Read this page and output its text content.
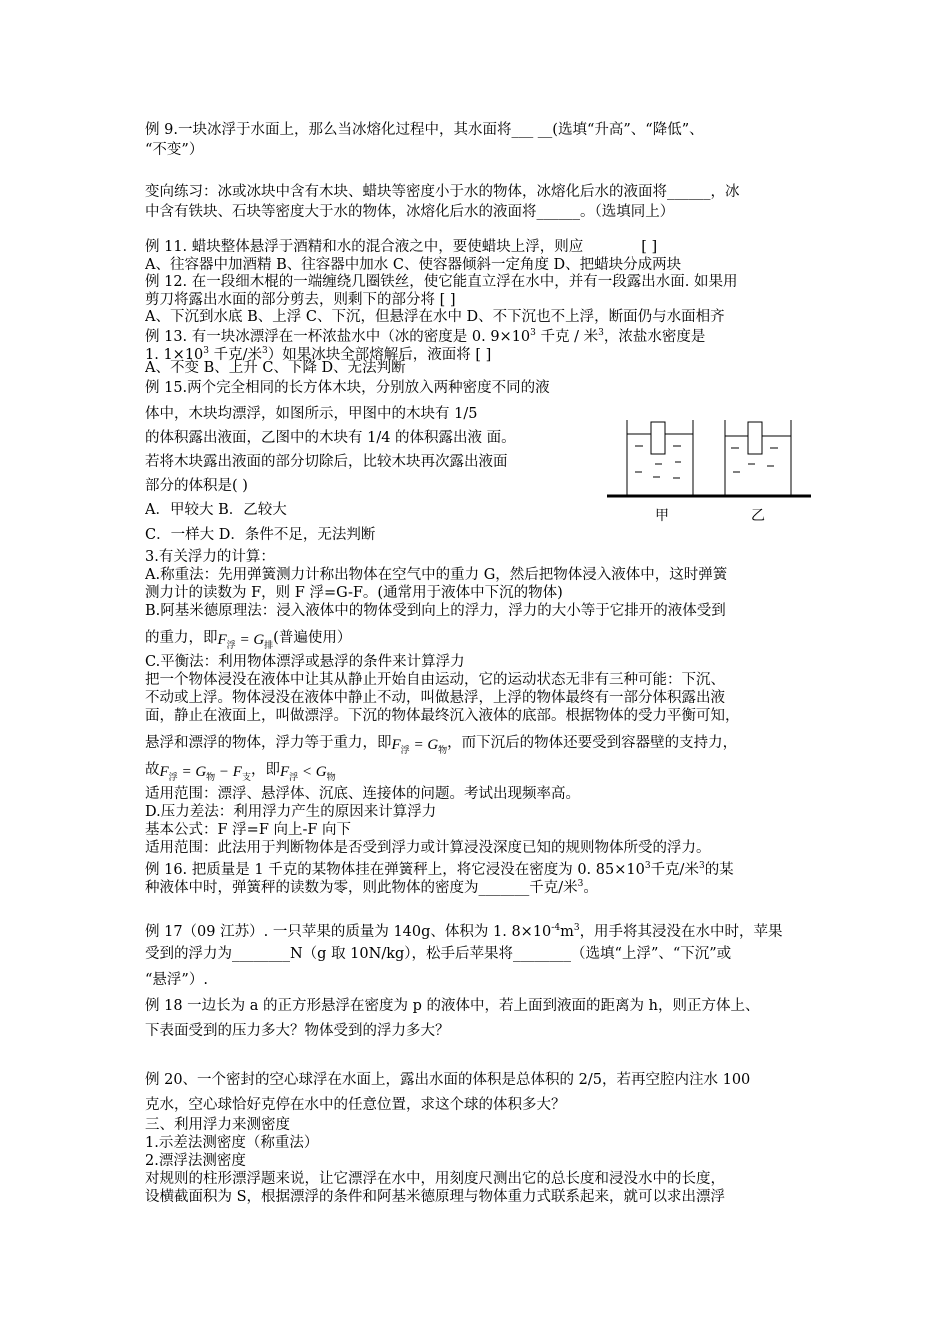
例 9.一块冰浮于水面上，那么当冰熔化过程中，其水面将___ __(选填“升高”、“降低”、

“不变”）

变向练习：冰或冰块中含有木块、蜡块等密度小于水的物体，冰熔化后水的液面将______，冰

中含有铁块、石块等密度大于水的物体，冰熔化后水的液面将______。（选填同上）

例 11. 蜡块整体悬浮于酒精和水的混合液之中，要使蜡块上浮，则应	[ ]

A、往容器中加酒精 B、往容器中加水 C、使容器倾斜一定角度 D、把蜡块分成两块

例 12. 在一段细木棍的一端缠绕几圈铁丝，使它能直立浮在水中，并有一段露出水面. 如果用

剪刀将露出水面的部分剪去，则剩下的部分将 [ ]

A、下沉到水底 B、上浮 C、下沉，但悬浮在水中 D、不下沉也不上浮，断面仍与水面相齐

例 13. 有一块冰漂浮在一杯浓盐水中（冰的密度是 0. $9\times 10^3$ 千克 / 米$^3$，浓盐水密度是

1. $1\times 10^3$ 千克/米$^3$）如果冰块全部熔解后，液面将 [ ]

A、不变 B、上升 C、下降 D、无法判断

例 15.两个完全相同的长方体木块，分别放入两种密度不同的液

体中，木块均漂浮，如图所示，甲图中的木块有 1/5

的体积露出液面，乙图中的木块有 1/4 的体积露出液 面。

若将木块露出液面的部分切除后，比较木块再次露出液面

部分的体积是( )

A．甲较大 B．乙较大

C．一样大 D．条件不足，无法判断

甲	乙

3.有关浮力的计算：

A.称重法：先用弹簧测力计称出物体在空气中的重力 G，然后把物体浸入液体中，这时弹簧

测力计的读数为 F，则 F 浮=G-F。(通常用于液体中下沉的物体)

B.阿基米德原理法：浸入液体中的物体受到向上的浮力，浮力的大小等于它排开的液体受到

的重力，即$F_浮 = G_排$(普遍使用）

C.平衡法：利用物体漂浮或悬浮的条件来计算浮力

把一个物体浸没在液体中让其从静止开始自由运动，它的运动状态无非有三种可能：下沉、

不动或上浮。物体浸没在液体中静止不动，叫做悬浮，上浮的物体最终有一部分体积露出液

面，静止在液面上，叫做漂浮。下沉的物体最终沉入液体的底部。根据物体的受力平衡可知，

悬浮和漂浮的物体，浮力等于重力，即$F_浮 = G_物$，而下沉后的物体还要受到容器壁的支持力，

故$F_浮 = G_物 - F_支$，即$F_浮 < G_物$

适用范围：漂浮、悬浮体、沉底、连接体的问题。考试出现频率高。

D.压力差法：利用浮力产生的原因来计算浮力

基本公式：F 浮=F 向上-F 向下

适用范围：此法用于判断物体是否受到浮力或计算浸没深度已知的规则物体所受的浮力。

例 16. 把质量是 1 千克的某物体挂在弹簧秤上，将它浸没在密度为 0. $85\times 10^3$千克/米$^3$的某

种液体中时，弹簧秤的读数为零，则此物体的密度为_______千克/米$^3$。

例 17（09 江苏）. 一只苹果的质量为 140g、体积为 1. $8\times 10^{-4}m^3$，用手将其浸没在水中时，苹果

受到的浮力为________N（g 取 10N/kg），松手后苹果将________（选填“上浮”、“下沉”或

“悬浮”）.

例 18 一边长为 a 的正方形悬浮在密度为 p 的液体中，若上面到液面的距离为 h，则正方体上、

下表面受到的压力多大？物体受到的浮力多大？

例 20、一个密封的空心球浮在水面上，露出水面的体积是总体积的 2/5，若再空腔内注水 100

克水，空心球恰好克停在水中的任意位置，求这个球的体积多大？

三、利用浮力来测密度

1.示差法测密度（称重法）

2.漂浮法测密度

对规则的柱形漂浮题来说，让它漂浮在水中，用刻度尺测出它的总长度和浸没水中的长度，

设横截面积为 S，根据漂浮的条件和阿基米德原理与物体重力式联系起来，就可以求出漂浮
